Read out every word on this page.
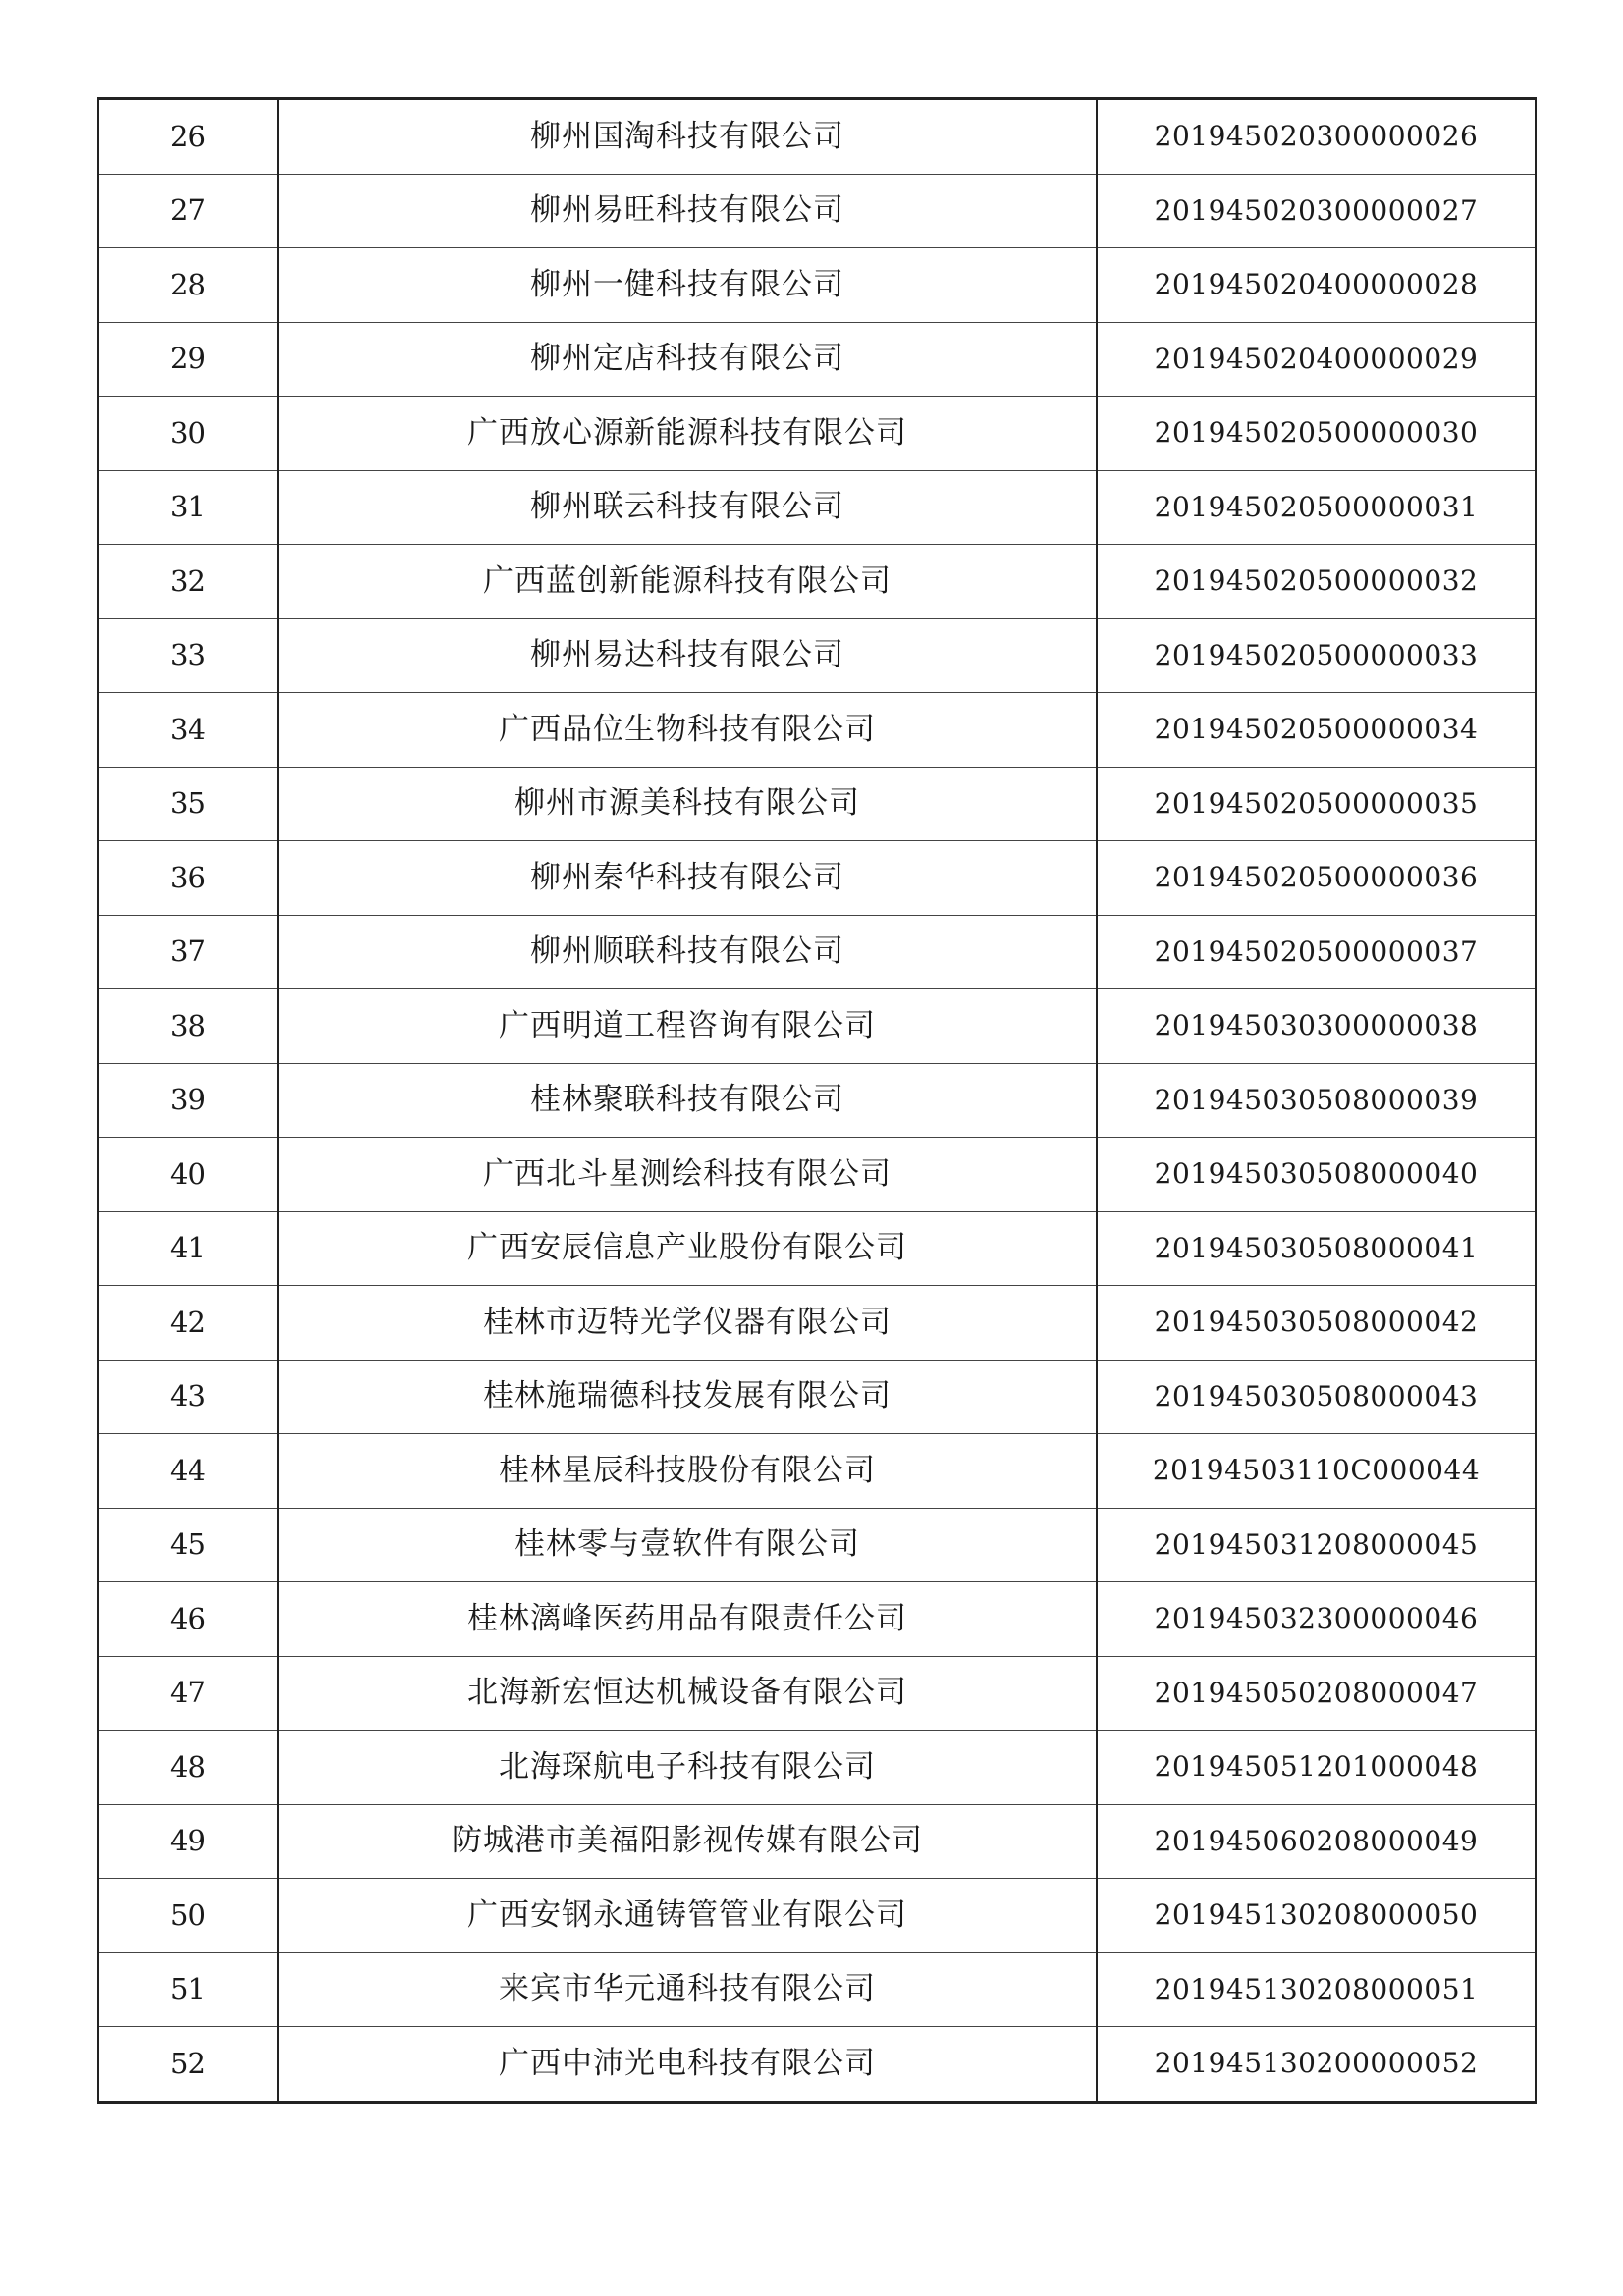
26	柳州国淘科技有限公司	201945020300000026
27	柳州易旺科技有限公司	201945020300000027
28	柳州一健科技有限公司	201945020400000028
29	柳州定店科技有限公司	201945020400000029
30	广西放心源新能源科技有限公司	201945020500000030
31	柳州联云科技有限公司	201945020500000031
32	广西蓝创新能源科技有限公司	201945020500000032
33	柳州易达科技有限公司	201945020500000033
34	广西品位生物科技有限公司	201945020500000034
35	柳州市源美科技有限公司	201945020500000035
36	柳州秦华科技有限公司	201945020500000036
37	柳州顺联科技有限公司	201945020500000037
38	广西明道工程咨询有限公司	201945030300000038
39	桂林聚联科技有限公司	201945030508000039
40	广西北斗星测绘科技有限公司	201945030508000040
41	广西安辰信息产业股份有限公司	201945030508000041
42	桂林市迈特光学仪器有限公司	201945030508000042
43	桂林施瑞德科技发展有限公司	201945030508000043
44	桂林星辰科技股份有限公司	20194503110C000044
45	桂林零与壹软件有限公司	201945031208000045
46	桂林漓峰医药用品有限责任公司	201945032300000046
47	北海新宏恒达机械设备有限公司	201945050208000047
48	北海琛航电子科技有限公司	201945051201000048
49	防城港市美福阳影视传媒有限公司	201945060208000049
50	广西安钢永通铸管管业有限公司	201945130208000050
51	来宾市华元通科技有限公司	201945130208000051
52	广西中沛光电科技有限公司	201945130200000052
